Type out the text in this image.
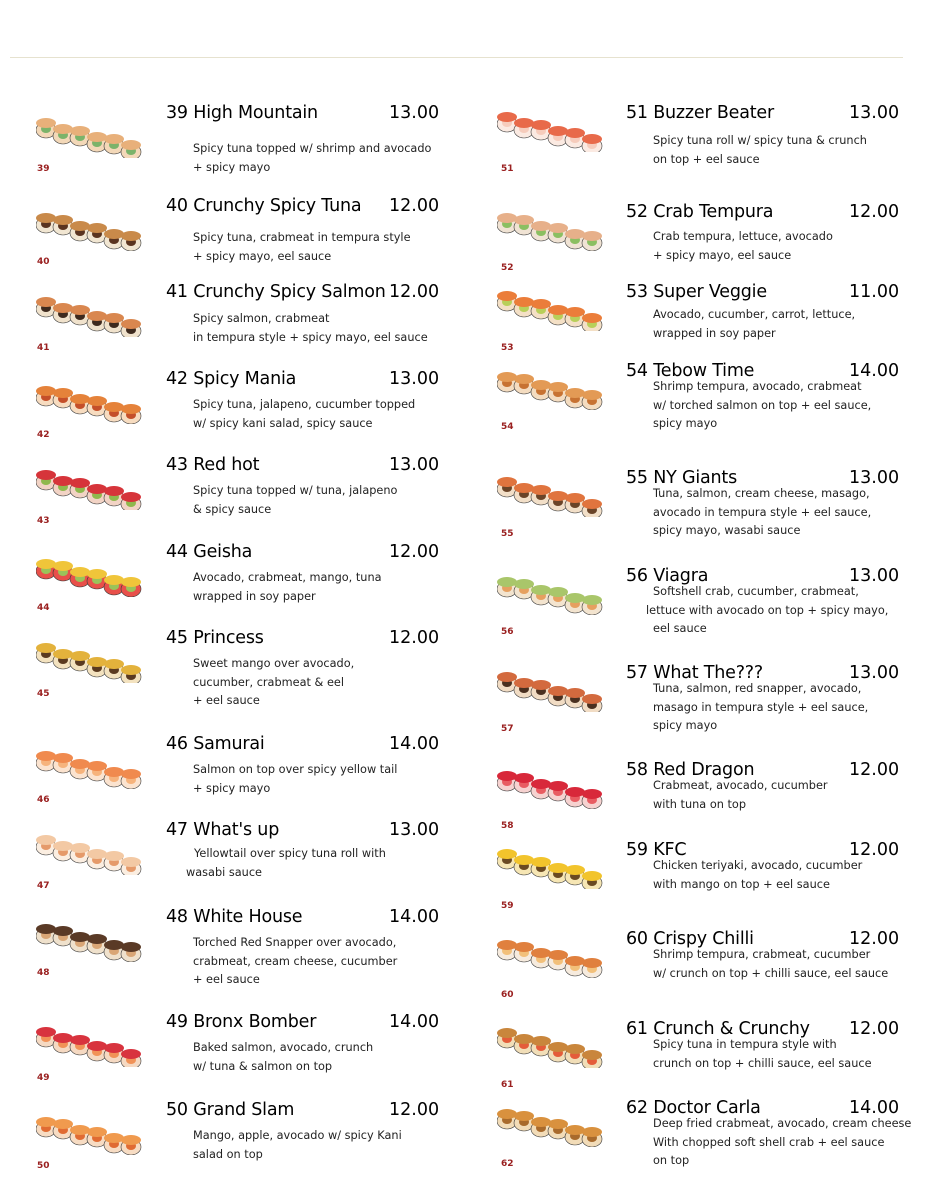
39
39 High Mountain	13.00
Spicy tuna topped w/ shrimp and avocado
+ spicy mayo
40
40 Crunchy Spicy Tuna 12.00
Spicy tuna, crabmeat in tempura style
+ spicy mayo, eel sauce
41
41 Crunchy Spicy Salmon 12.00
Spicy salmon, crabmeat
in tempura style + spicy mayo, eel sauce
42
42 Spicy Mania	13.00
Spicy tuna, jalapeno, cucumber topped
w/ spicy kani salad, spicy sauce
43
43 Red hot	13.00
Spicy tuna topped w/ tuna, jalapeno
& spicy sauce
44
44 Geisha	12.00
Avocado, crabmeat, mango, tuna
wrapped in soy paper
45
45 Princess	12.00
Sweet mango over avocado,
cucumber, crabmeat & eel
+ eel sauce
46
46 Samurai	14.00
Salmon on top over spicy yellow tail
+ spicy mayo
47
47 What's up	13.00
Yellowtail over spicy tuna roll with
wasabi sauce
48
48 White House	14.00
Torched Red Snapper over avocado,
crabmeat, cream cheese, cucumber
+ eel sauce
49
49 Bronx Bomber	14.00
Baked salmon, avocado, crunch
w/ tuna & salmon on top
50
50 Grand Slam	12.00
Mango, apple, avocado w/ spicy Kani
salad on top
51
51 Buzzer Beater	13.00
Spicy tuna roll w/ spicy tuna & crunch
on top + eel sauce
52
52 Crab Tempura	12.00
Crab tempura, lettuce, avocado
+ spicy mayo, eel sauce
53
53 Super Veggie	11.00
Avocado, cucumber, carrot, lettuce,
wrapped in soy paper
54
54 Tebow Time	14.00
Shrimp tempura, avocado, crabmeat
w/ torched salmon on top + eel sauce,
spicy mayo
55
55 NY Giants	13.00
Tuna, salmon, cream cheese, masago,
avocado in tempura style + eel sauce,
spicy mayo, wasabi sauce
56
56 Viagra	13.00
Softshell crab, cucumber, crabmeat,
lettuce with avocado on top + spicy mayo,
eel sauce
57
57 What The???	13.00
Tuna, salmon, red snapper, avocado,
masago in tempura style + eel sauce,
spicy mayo
58
58 Red Dragon	12.00
Crabmeat, avocado, cucumber
with tuna on top
59
59 KFC	12.00
Chicken teriyaki, avocado, cucumber
with mango on top + eel sauce
60
60 Crispy Chilli	12.00
Shrimp tempura, crabmeat, cucumber
w/ crunch on top + chilli sauce, eel sauce
61
61 Crunch & Crunchy 12.00
Spicy tuna in tempura style with
crunch on top + chilli sauce, eel sauce
62
62 Doctor Carla	14.00
Deep fried crabmeat, avocado, cream cheese
With chopped soft shell crab + eel sauce
on top
